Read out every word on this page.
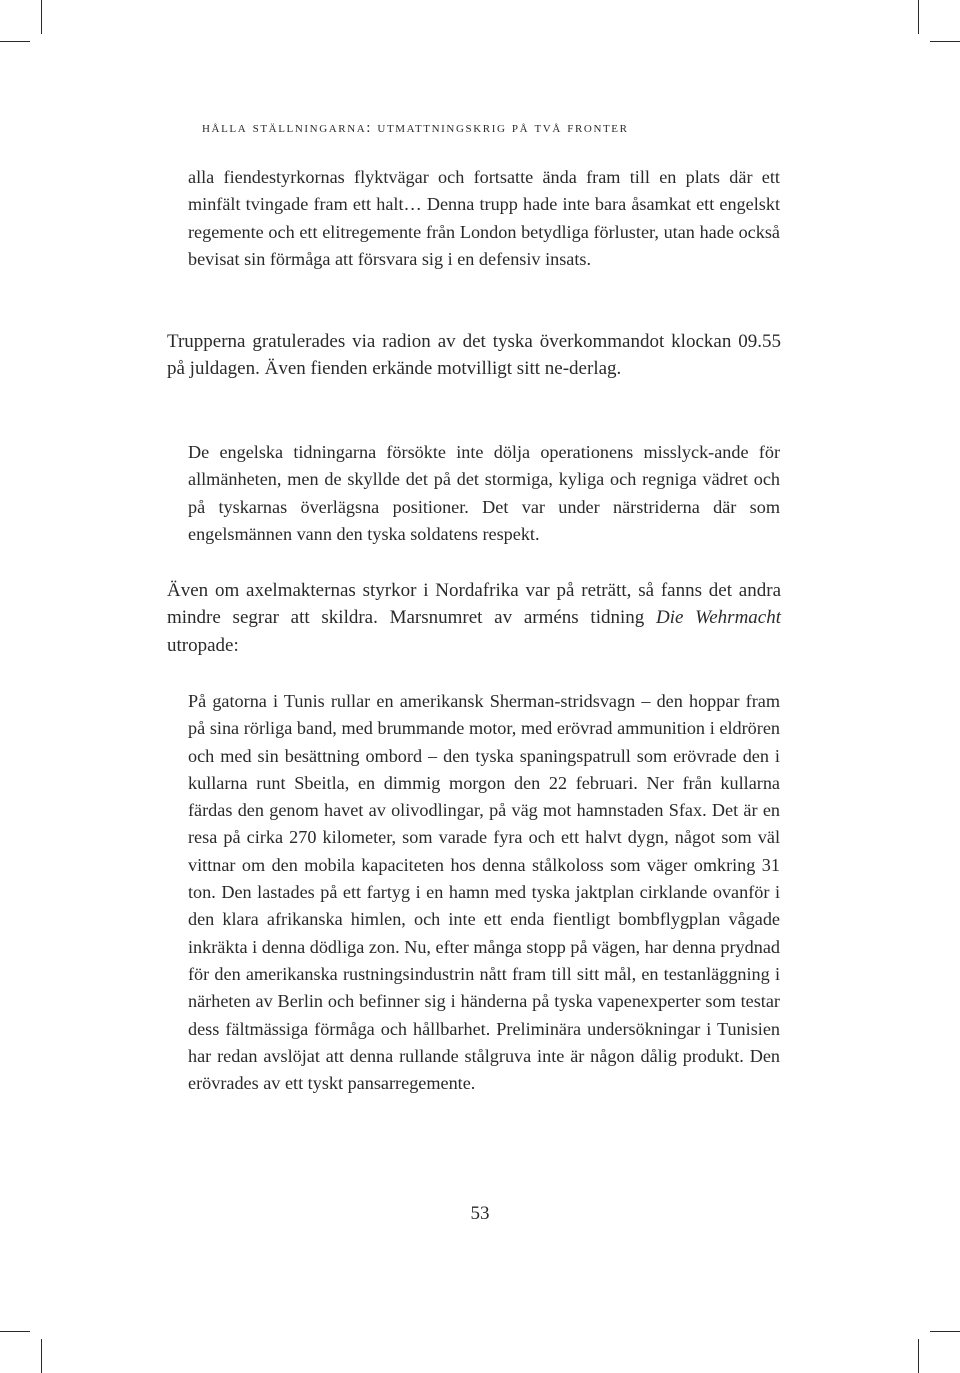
hålla ställningarna: utmattningskrig på två fronter

alla fiendestyrkornas flyktvägar och fortsatte ända fram till en plats där ett minfält tvingade fram ett halt… Denna trupp hade inte bara åsamkat ett engelskt regemente och ett elitregemente från London betydliga förluster, utan hade också bevisat sin förmåga att försvara sig i en defensiv insats.

Trupperna gratulerades via radion av det tyska överkommandot klockan 09.55 på juldagen. Även fienden erkände motvilligt sitt ne-derlag.

De engelska tidningarna försökte inte dölja operationens misslyck-ande för allmänheten, men de skyllde det på det stormiga, kyliga och regniga vädret och på tyskarnas överlägsna positioner. Det var under närstriderna där som engelsmännen vann den tyska soldatens respekt.

Även om axelmakternas styrkor i Nordafrika var på reträtt, så fanns det andra mindre segrar att skildra. Marsnumret av arméns tidning Die Wehrmacht utropade:

På gatorna i Tunis rullar en amerikansk Sherman-stridsvagn – den hoppar fram på sina rörliga band, med brummande motor, med erövrad ammunition i eldrören och med sin besättning ombord – den tyska spaningspatrull som erövrade den i kullarna runt Sbeitla, en dimmig morgon den 22 februari. Ner från kullarna färdas den genom havet av olivodlingar, på väg mot hamnstaden Sfax. Det är en resa på cirka 270 kilometer, som varade fyra och ett halvt dygn, något som väl vittnar om den mobila kapaciteten hos denna stålkoloss som väger omkring 31 ton. Den lastades på ett fartyg i en hamn med tyska jaktplan cirklande ovanför i den klara afrikanska himlen, och inte ett enda fientligt bombflygplan vågade inkräkta i denna dödliga zon. Nu, efter många stopp på vägen, har denna prydnad för den amerikanska rustningsindustrin nått fram till sitt mål, en testanläggning i närheten av Berlin och befinner sig i händerna på tyska vapenexperter som testar dess fältmässiga förmåga och hållbarhet. Preliminära undersökningar i Tunisien har redan avslöjat att denna rullande stålgruva inte är någon dålig produkt. Den erövrades av ett tyskt pansarregemente.

53
